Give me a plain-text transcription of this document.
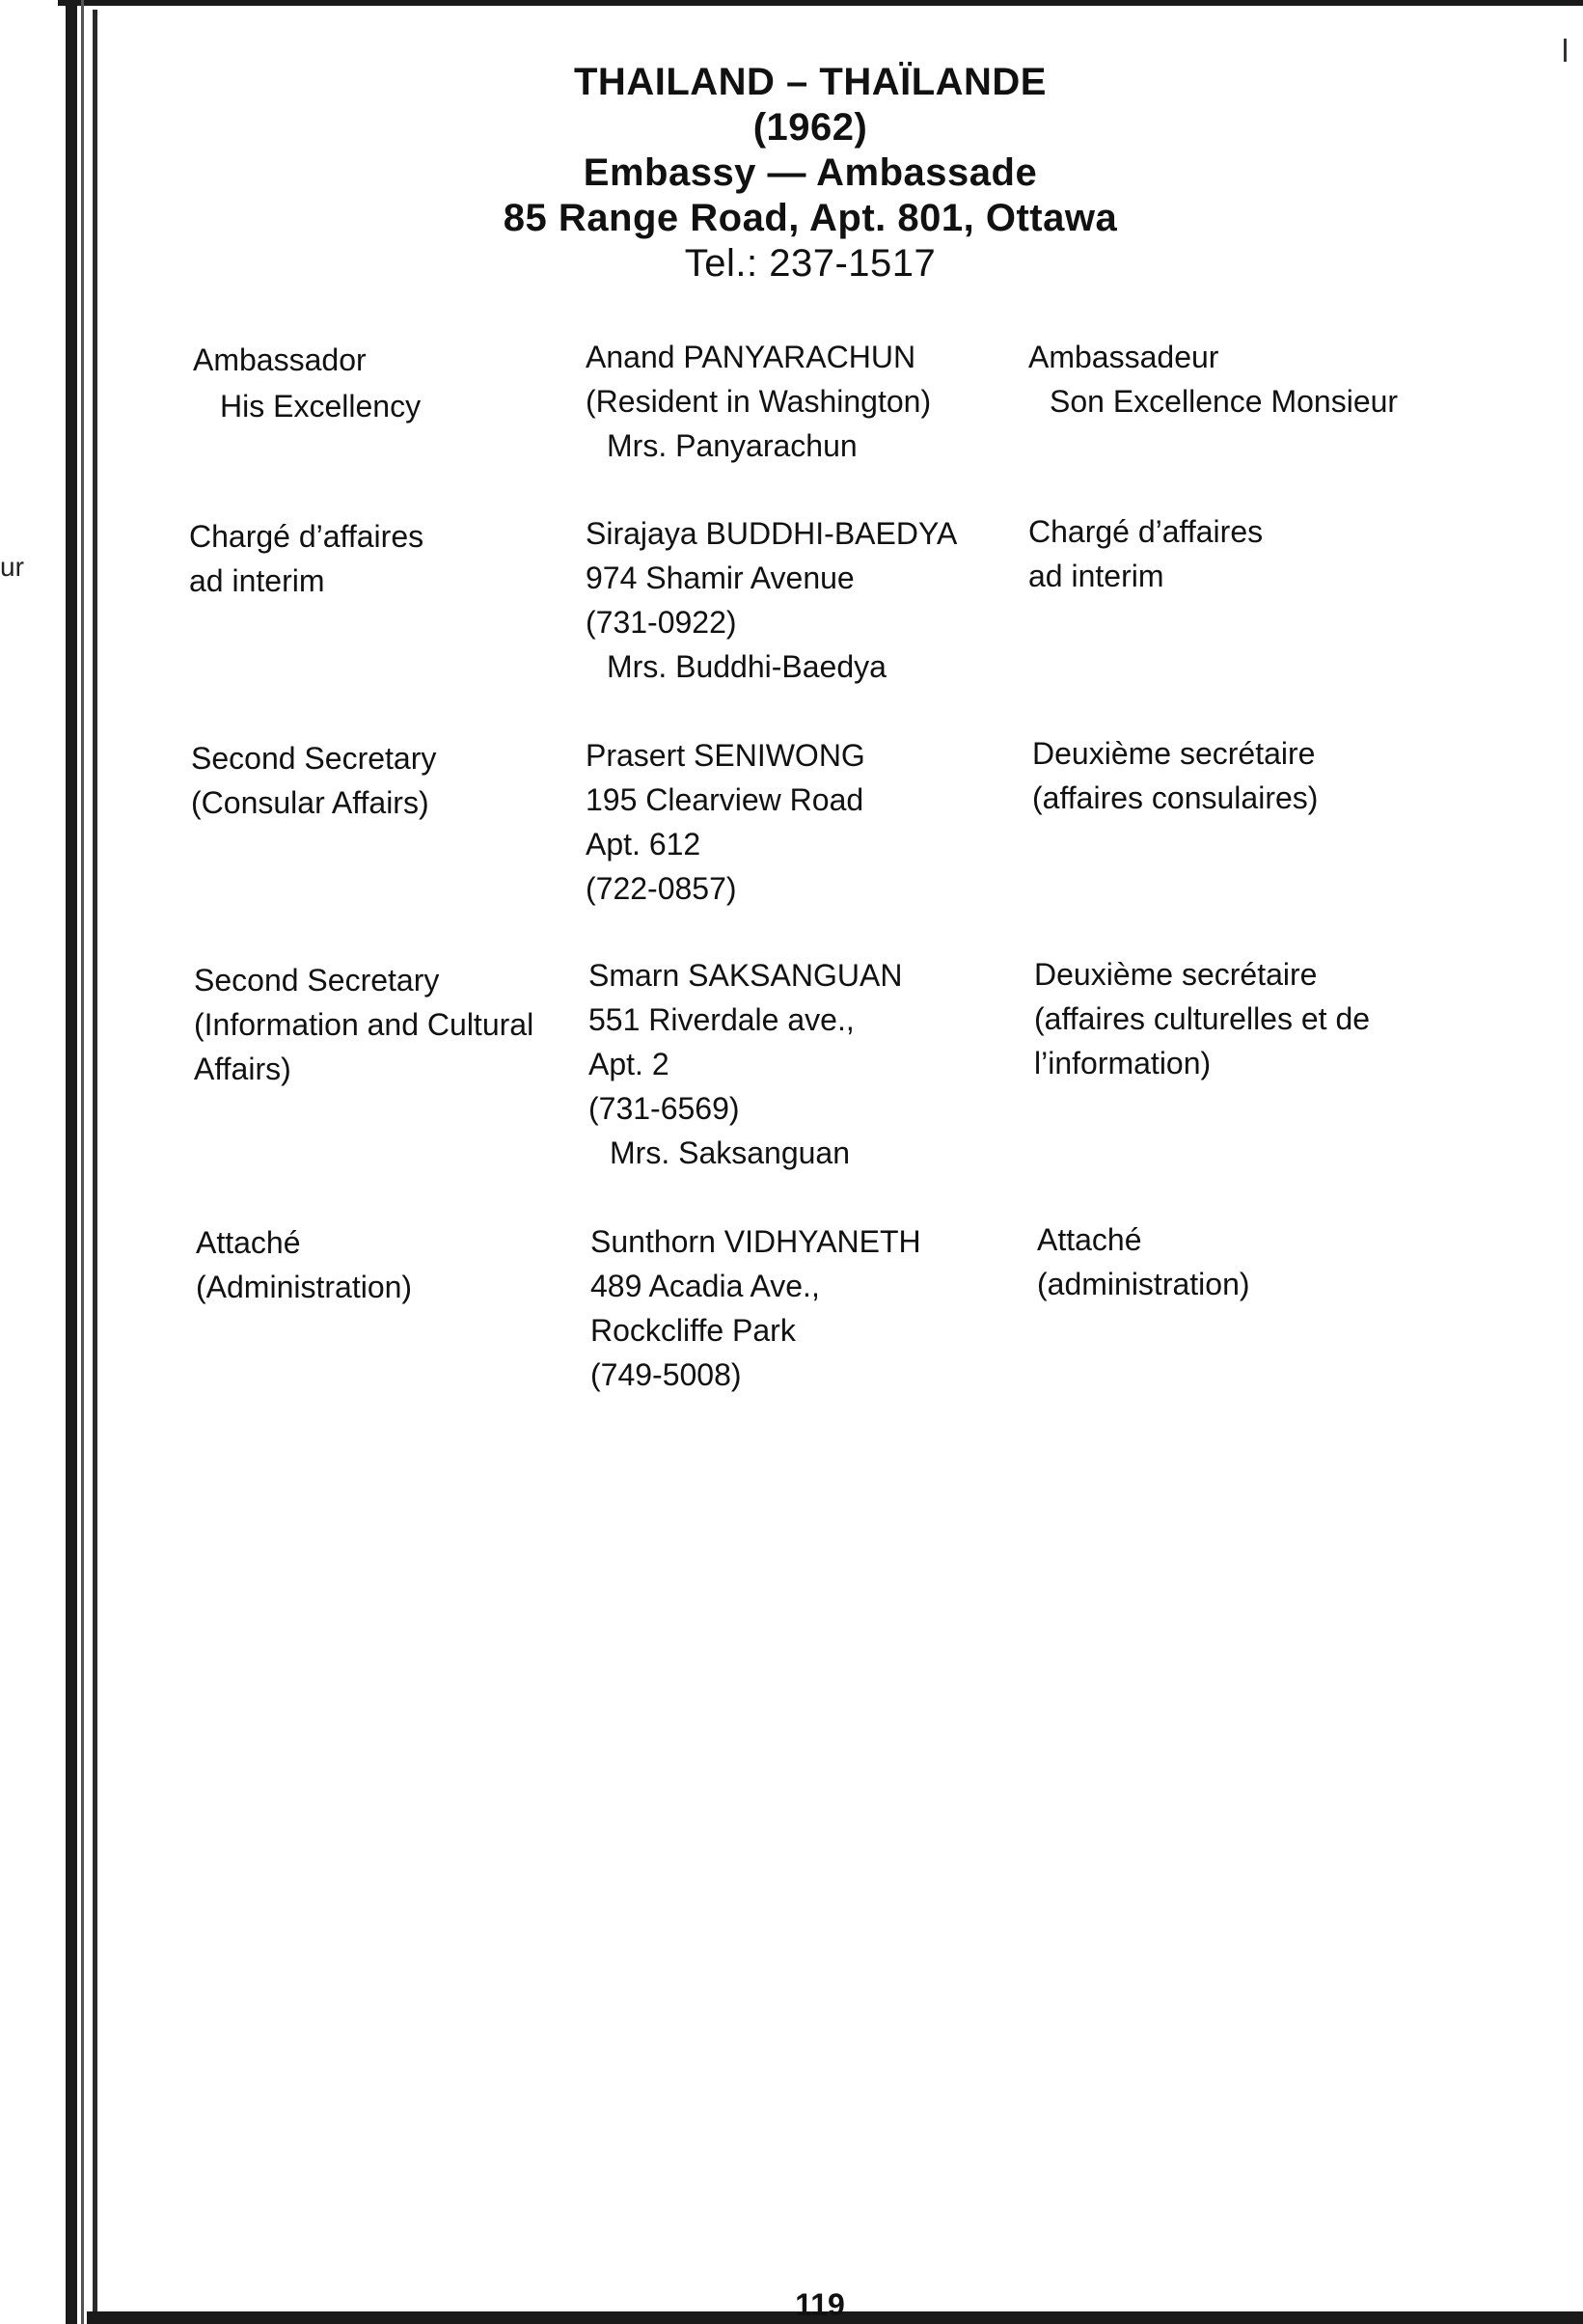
ur
THAILAND – THAÏLANDE
(1962)
Embassy — Ambassade
85 Range Road, Apt. 801, Ottawa
Tel.: 237-1517
Ambassador
His Excellency
Anand PANYARACHUN
(Resident in Washington)
Mrs. Panyarachun
Ambassadeur
Son Excellence Monsieur
Chargé d’affaires
ad interim
Sirajaya BUDDHI-BAEDYA
974 Shamir Avenue
(731-0922)
Mrs. Buddhi-Baedya
Chargé d’affaires
ad interim
Second Secretary
(Consular Affairs)
Prasert SENIWONG
195 Clearview Road
Apt. 612
(722-0857)
Deuxième secrétaire
(affaires consulaires)
Second Secretary
(Information and Cultural
Affairs)
Smarn SAKSANGUAN
551 Riverdale ave.,
Apt. 2
(731-6569)
Mrs. Saksanguan
Deuxième secrétaire
(affaires culturelles et de
l’information)
Attaché
(Administration)
Sunthorn VIDHYANETH
489 Acadia Ave.,
Rockcliffe Park
(749-5008)
Attaché
(administration)
119
